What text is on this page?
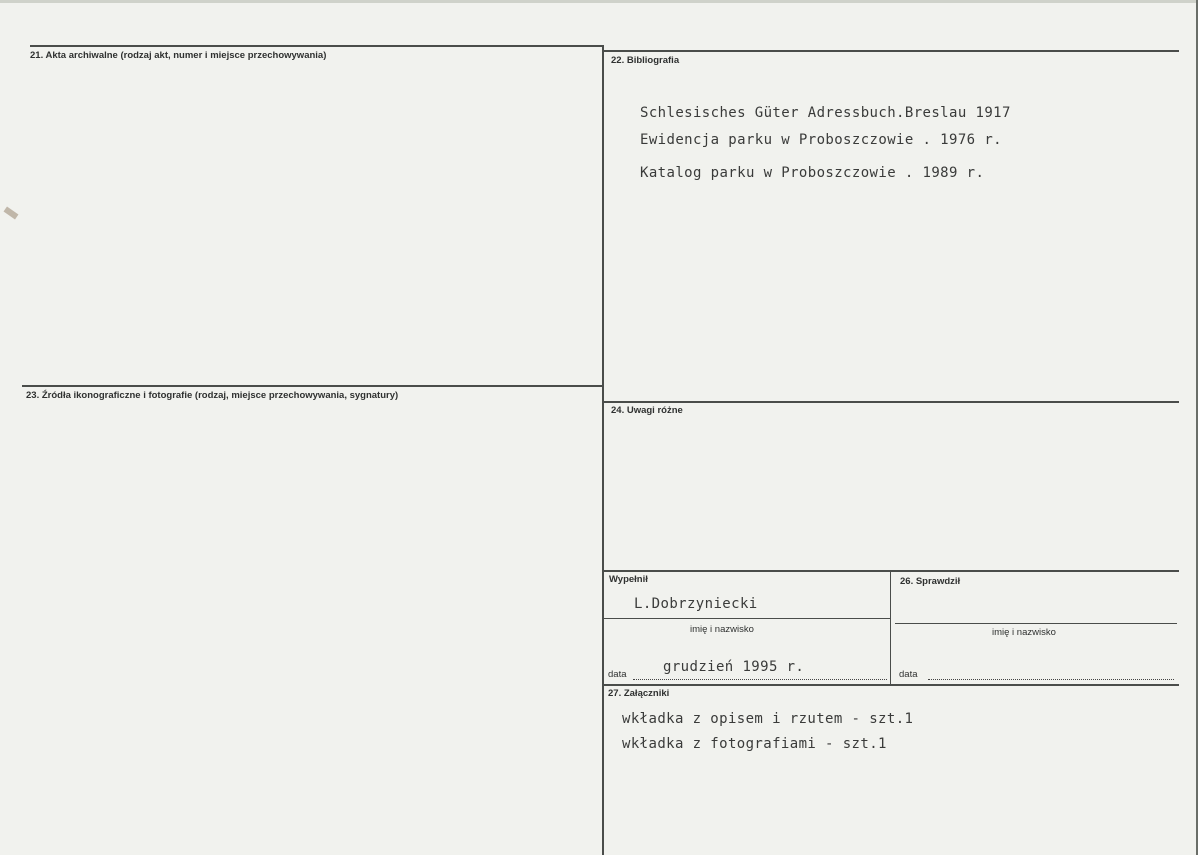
21. Akta archiwalne (rodzaj akt, numer i miejsce przechowywania)	22. Bibliografia
Schlesisches Güter Adressbuch.Breslau 1917
Ewidencja parku w Proboszczowie . 1976 r.
Katalog parku w Proboszczowie . 1989 r.
23. Źródła ikonograficzne i fotografie (rodzaj, miejsce przechowywania, sygnatury)
24. Uwagi różne
Wypełnił
L.Dobrzyniecki
imię i nazwisko
data	grudzień 1995 r.
26. Sprawdził
imię i nazwisko
data
27. Załączniki
wkładka z opisem i rzutem - szt.1
wkładka z fotografiami - szt.1
